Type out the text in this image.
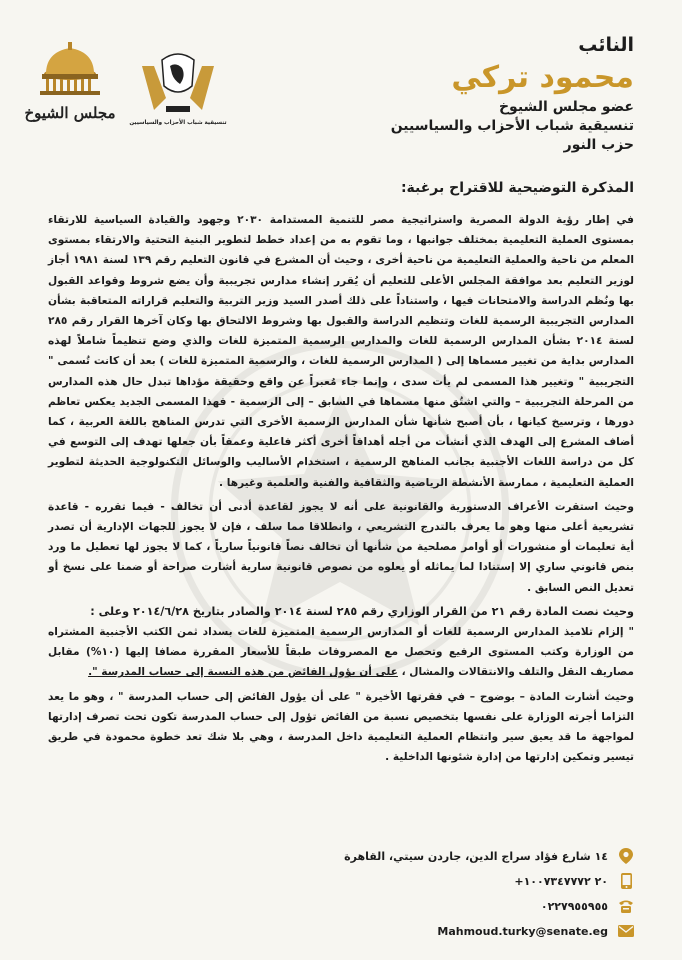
النائب
محمود تركي
عضو مجلس الشيوخ
تنسيقية شباب الأحزاب والسياسيين
حزب النور
مجلس الشيوخ
تنسيقية شباب الأحزاب والسياسيين
المذكرة التوضيحية للاقتراح برغبة:

في إطار رؤية الدولة المصرية واستراتيجية مصر للتنمية المستدامة ٢٠٣٠ وجهود والقيادة السياسية للارتقاء بمستوى العملية التعليمية بمختلف جوانبها ، وما تقوم به من إعداد خطط لتطوير البنية التحتية والارتقاء بمستوى المعلم من ناحية والعملية التعليمية من ناحية أخرى ، وحيث أن المشرع في قانون التعليم رقم ١٣٩ لسنة ١٩٨١ أجاز لوزير التعليم بعد موافقة المجلس الأعلى للتعليم أن يُقرر إنشاء مدارس تجريبية وأن يضع شروط وقواعد القبول بها ونُظم الدراسة والامتحانات فيها ، واستناداً على ذلك أصدر السيد وزير التربية والتعليم قراراته المتعاقبة بشأن المدارس التجريبية الرسمية للغات وتنظيم الدراسة والقبول بها وشروط الالتحاق بها وكان آخرها القرار رقم ٢٨٥ لسنة ٢٠١٤ بشأن المدارس الرسمية للغات والمدارس الرسمية المتميزة للغات والذي وضع تنظيماً شاملاً لهذه المدارس بداية من تغيير مسماها إلى ( المدارس الرسمية للغات ، والرسمية المتميزة للغات ) بعد أن كانت تُسمى " التجريبية " وتغيير هذا المسمى لم يأت سدى ، وإنما جاء مُعبراً عن واقع وحقيقة مؤداها تبدل حال هذه المدارس من المرحلة التجريبية – والتي اشتُق منها مسماها في السابق – إلى الرسمية - فهذا المسمى الجديد يعكس تعاظم دورها ، وترسيخ كيانها ، بأن أصبح شأنها شأن المدارس الرسمية الأخرى التي تدرس المناهج باللغة العربية ، كما أضاف المشرع إلى الهدف الذي أنشأت من أجله أهدافاً أخرى أكثر فاعلية وعمقاً بأن جعلها تهدف إلى التوسع في كل من دراسة اللغات الأجنبية بجانب المناهج الرسمية ، استخدام الأساليب والوسائل التكنولوجية الحديثة لتطوير العملية التعليمية ، ممارسة الأنشطة الرياضية والثقافية والفنية والعلمية وغيرها .

وحيث استقرت الأعراف الدستورية والقانونية على أنه لا يجوز لقاعدة أدنى أن تخالف - فيما تقرره - قاعدة تشريعية أعلى منها وهو ما يعرف بالتدرج التشريعي ، وانطلاقا مما سلف ، فإن لا يجوز للجهات الإدارية أن تصدر أية تعليمات أو منشورات أو أوامر مصلحية من شأنها أن تخالف نصاً قانونياً سارياً ، كما لا يجوز لها تعطيل ما ورد بنص قانوني ساري إلا إستنادا لما يماثله أو يعلوه من نصوص قانونية سارية أشارت صراحة أو ضمنا على نسخ أو تعديل النص السابق .

وحيث نصت المادة رقم ٢١ من القرار الوزاري رقم ٢٨٥ لسنة ٢٠١٤ والصادر بتاريخ ٢٠١٤/٦/٢٨ وعلى :

" إلزام تلاميذ المدارس الرسمية للغات أو المدارس الرسمية المتميزة للغات بسداد ثمن الكتب الأجنبية المشتراه من الوزارة وكتب المستوى الرفيع وتحصل مع المصروفات طبقاً للأسعار المقررة مضافا إليها (١٠%) مقابل مصاريف النقل والتلف والانتقالات والمشال ، على أن يؤول الفائض من هذه النسبة إلى حساب المدرسة ".

وحيث أشارت المادة – بوضوح – في فقرتها الأخيرة " على أن يؤول الفائض إلى حساب المدرسة " ، وهو ما يعد التزاما أجرته الوزارة على نفسها بتخصيص نسبة من الفائض تؤول إلى حساب المدرسة تكون تحت تصرف إدارتها لمواجهة ما قد يعيق سير وانتظام العملية التعليمية داخل المدرسة ، وهي بلا شك تعد خطوة محمودة في طريق تيسير وتمكين إدارتها من إدارة شئونها الداخلية .

١٤ شارع فؤاد سراج الدين، جاردن سيتي، القاهرة
+٢٠ ١٠٠٧٣٤٧٧٧٢
٠٢٢٧٩٥٥٩٥٥
Mahmoud.turky@senate.eg
